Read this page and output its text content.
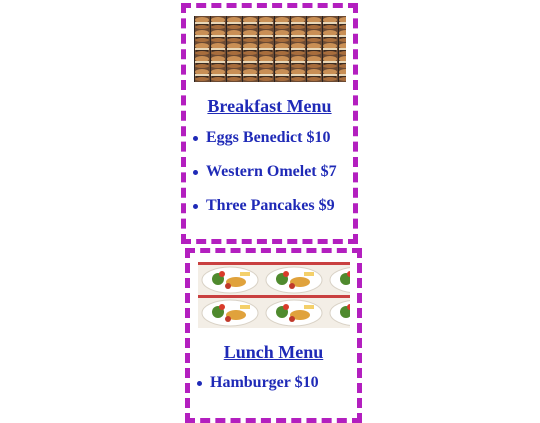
Breakfast Menu
Eggs Benedict $10
Western Omelet $7
Three Pancakes $9
Lunch Menu
Hamburger $10
